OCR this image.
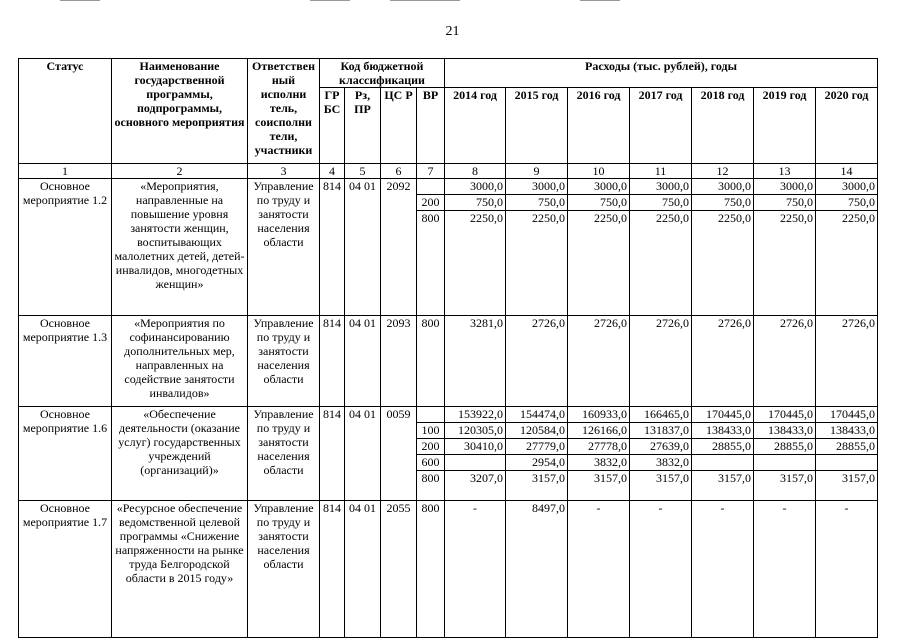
21
Статус	Наименование государственной программы, подпрограммы, основного мероприятия	Ответствен ный исполни тель, соисполни тели, участники	Код бюджетной классификации				Расходы (тыс. рублей), годы						
			ГР БС	Рз, ПР	ЦС Р	ВР	2014 год	2015 год	2016 год	2017 год	2018 год	2019 год	2020 год
1	2	3	4	5	6	7	8	9	10	11	12	13	14
Основное мероприятие 1.2	«Мероприятия, направленные на повышение уровня занятости женщин, воспитывающих малолетних детей, детей-инвалидов, многодетных женщин»	Управление по труду и занятости населения области	814	04 01	2092		3000,0	3000,0	3000,0	3000,0	3000,0	3000,0	3000,0
						200	750,0	750,0	750,0	750,0	750,0	750,0	750,0
						800	2250,0	2250,0	2250,0	2250,0	2250,0	2250,0	2250,0
Основное мероприятие 1.3	«Мероприятия по софинансированию дополнительных мер, направленных на содействие занятости инвалидов»	Управление по труду и занятости населения области	814	04 01	2093	800	3281,0	2726,0	2726,0	2726,0	2726,0	2726,0	2726,0
Основное мероприятие 1.6	«Обеспечение деятельности (оказание услуг) государственных учреждений (организаций)»	Управление по труду и занятости населения области	814	04 01	0059		153922,0	154474,0	160933,0	166465,0	170445,0	170445,0	170445,0
						100	120305,0	120584,0	126166,0	131837,0	138433,0	138433,0	138433,0
						200	30410,0	27779,0	27778,0	27639,0	28855,0	28855,0	28855,0
						600		2954,0	3832,0	3832,0			
						800	3207,0	3157,0	3157,0	3157,0	3157,0	3157,0	3157,0
Основное мероприятие 1.7	«Ресурсное обеспечение ведомственной целевой программы «Снижение напряженности на рынке труда Белгородской области в 2015 году»	Управление по труду и занятости населения области	814	04 01	2055	800	-	8497,0	-	-	-	-	-
